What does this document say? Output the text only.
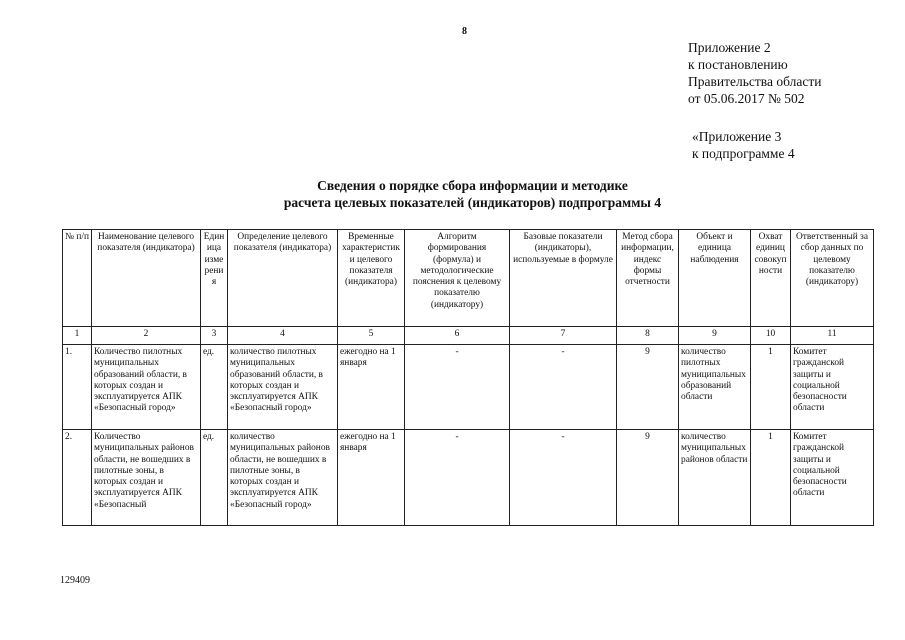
8
Приложение 2
к постановлению
Правительства области
от 05.06.2017 № 502
«Приложение 3
к подпрограмме 4
Сведения о порядке сбора информации и методике
расчета целевых показателей (индикаторов) подпрограммы 4
№ п/п	Наименование целевого показателя (индикатора)	Единица измерения	Определение целевого показателя (индикатора)	Временные характеристики целевого показателя (индикатора)	Алгоритм формирования (формула) и методологические пояснения к целевому показателю (индикатору)	Базовые показатели (индикаторы), используемые в формуле	Метод сбора информации, индекс формы отчетности	Объект и единица наблюдения	Охват единиц совокупности	Ответственный за сбор данных по целевому показателю (индикатору)
1	2	3	4	5	6	7	8	9	10	11
1.	Количество пилотных муниципальных образований области, в которых создан и эксплуатируется АПК «Безопасный город»	ед.	количество пилотных муниципальных образований области, в которых создан и эксплуатируется АПК «Безопасный город»	ежегодно на 1 января	-	-	9	количество пилотных муниципальных образований области	1	Комитет гражданской защиты и социальной безопасности области
2.	Количество муниципальных районов области, не вошедших в пилотные зоны, в которых создан и эксплуатируется АПК «Безопасный	ед.	количество муниципальных районов области, не вошедших в пилотные зоны, в которых создан и эксплуатируется АПК «Безопасный город»	ежегодно на 1 января	-	-	9	количество муниципальных районов области	1	Комитет гражданской защиты и социальной безопасности области
129409
